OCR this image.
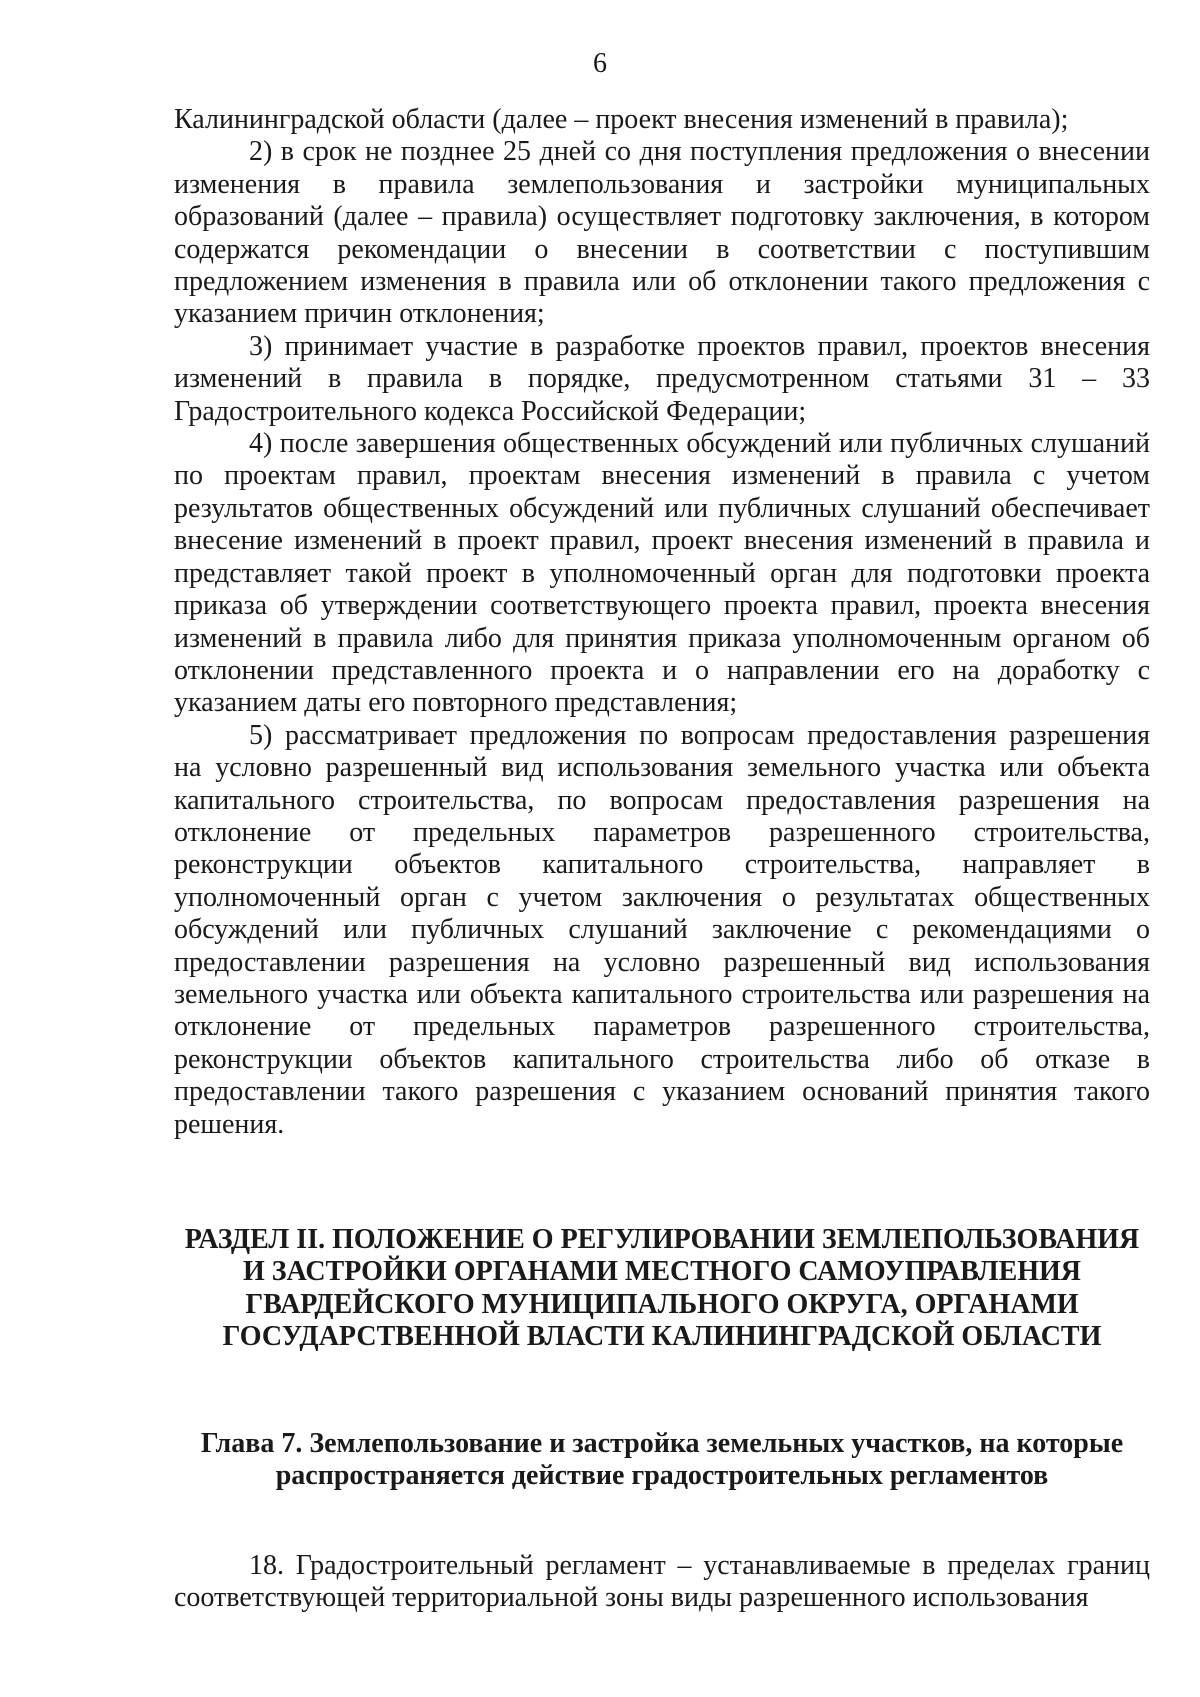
6

Калининградской области (далее – проект внесения изменений в правила);

2) в срок не позднее 25 дней со дня поступления предложения о внесении изменения в правила землепользования и застройки муниципальных образований (далее – правила) осуществляет подготовку заключения, в котором содержатся рекомендации о внесении в соответствии с поступившим предложением изменения в правила или об отклонении такого предложения с указанием причин отклонения;

3) принимает участие в разработке проектов правил, проектов внесения изменений в правила в порядке, предусмотренном статьями 31 – 33 Градостроительного кодекса Российской Федерации;

4) после завершения общественных обсуждений или публичных слушаний по проектам правил, проектам внесения изменений в правила с учетом результатов общественных обсуждений или публичных слушаний обеспечивает внесение изменений в проект правил, проект внесения изменений в правила и представляет такой проект в уполномоченный орган для подготовки проекта приказа об утверждении соответствующего проекта правил, проекта внесения изменений в правила либо для принятия приказа уполномоченным органом об отклонении представленного проекта и о направлении его на доработку с указанием даты его повторного представления;

5) рассматривает предложения по вопросам предоставления разрешения на условно разрешенный вид использования земельного участка или объекта капитального строительства, по вопросам предоставления разрешения на отклонение от предельных параметров разрешенного строительства, реконструкции объектов капитального строительства, направляет в уполномоченный орган с учетом заключения о результатах общественных обсуждений или публичных слушаний заключение с рекомендациями о предоставлении разрешения на условно разрешенный вид использования земельного участка или объекта капитального строительства или разрешения на отклонение от предельных параметров разрешенного строительства, реконструкции объектов капитального строительства либо об отказе в предоставлении такого разрешения с указанием оснований принятия такого решения.

РАЗДЕЛ II. ПОЛОЖЕНИЕ О РЕГУЛИРОВАНИИ ЗЕМЛЕПОЛЬЗОВАНИЯ И ЗАСТРОЙКИ ОРГАНАМИ МЕСТНОГО САМОУПРАВЛЕНИЯ ГВАРДЕЙСКОГО МУНИЦИПАЛЬНОГО ОКРУГА, ОРГАНАМИ ГОСУДАРСТВЕННОЙ ВЛАСТИ КАЛИНИНГРАДСКОЙ ОБЛАСТИ
Глава 7. Землепользование и застройка земельных участков, на которые распространяется действие градостроительных регламентов

18. Градостроительный регламент – устанавливаемые в пределах границ соответствующей территориальной зоны виды разрешенного использования
